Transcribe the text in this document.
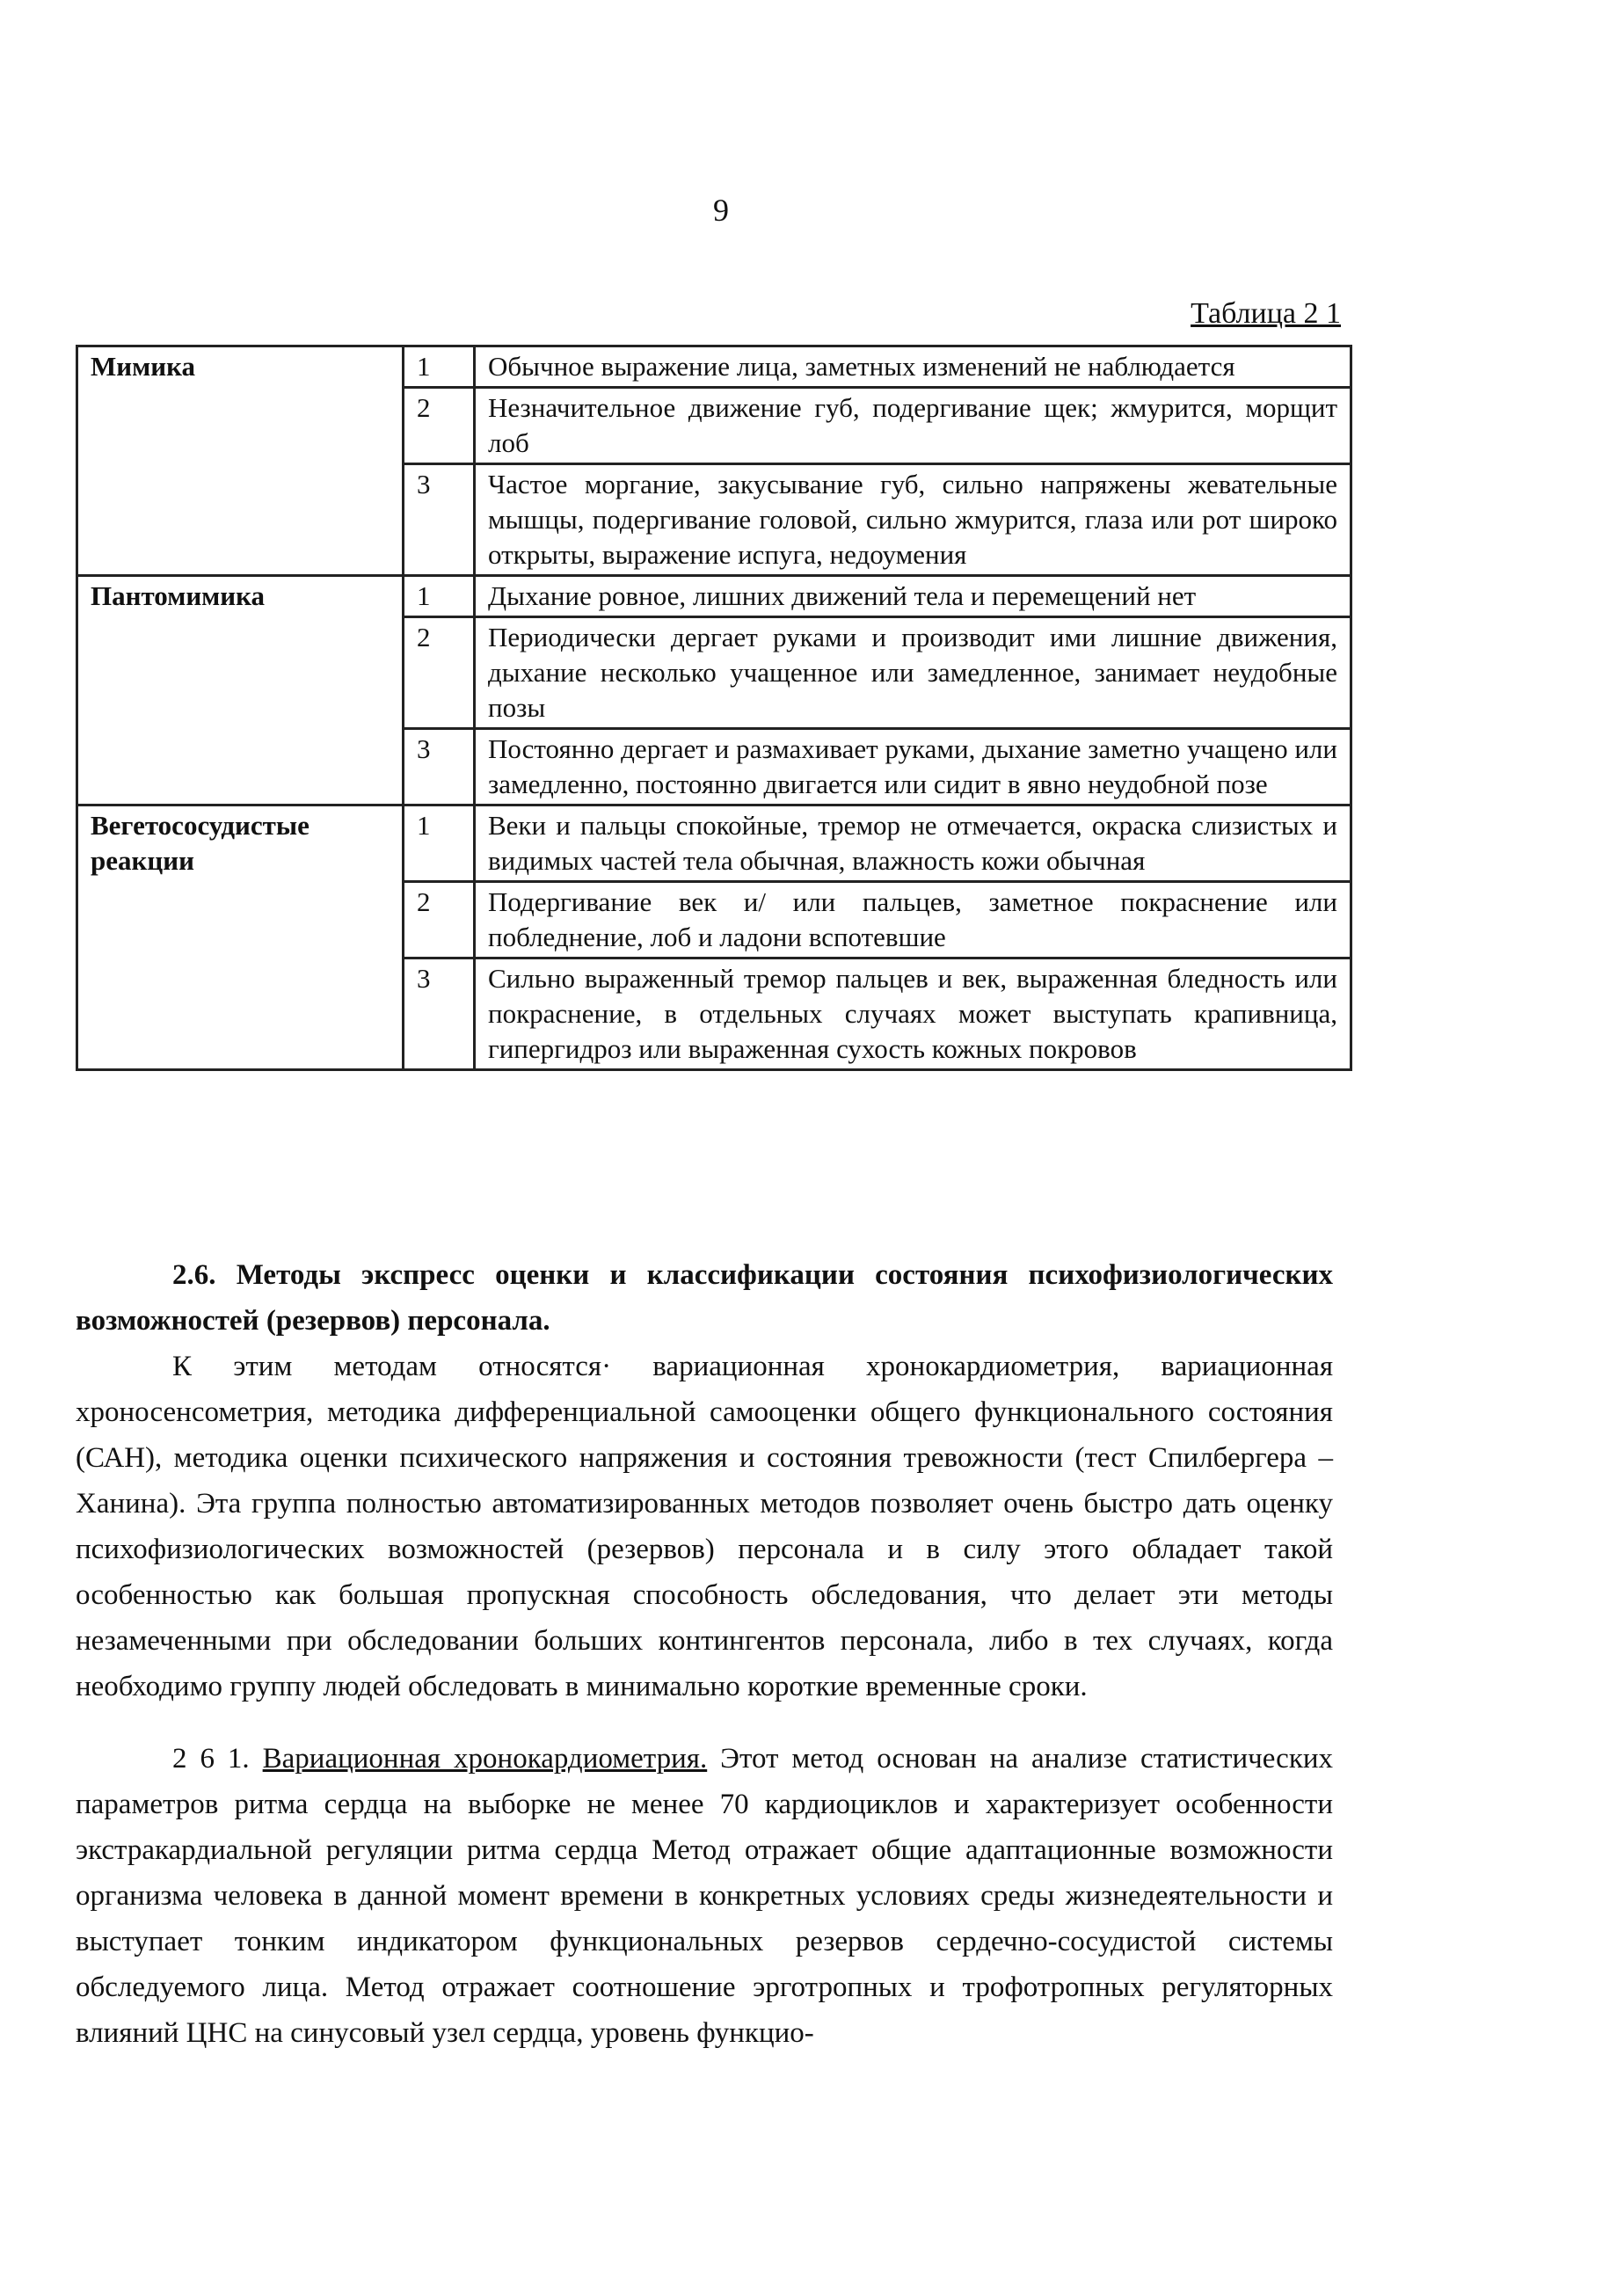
9
Таблица 2 1
Мимика	1	Обычное выражение лица, заметных изменений не наблюдается
	2	Незначительное движение губ, подергивание щек; жмурится, морщит лоб
	3	Частое моргание, закусывание губ, сильно напряжены жевательные мышцы, подергивание головой, сильно жмурится, глаза или рот широко открыты, выражение испуга, недоумения
Пантомимика	1	Дыхание ровное, лишних движений тела и перемещений нет
	2	Периодически дергает руками и производит ими лишние движения, дыхание несколько учащенное или замедленное, занимает неудобные позы
	3	Постоянно дергает и размахивает руками, дыхание заметно учащено или замедленно, постоянно двигается или сидит в явно неудобной позе
Вегетососудистые реакции	1	Веки и пальцы спокойные, тремор не отмечается, окраска слизистых и видимых частей тела обычная, влажность кожи обычная
	2	Подергивание век и/ или пальцев, заметное покраснение или побледнение, лоб и ладони вспотевшие
	3	Сильно выраженный тремор пальцев и век, выраженная бледность или покраснение, в отдельных случаях может выступать крапивница, гипергидроз или выраженная сухость кожных покровов

2.6. Методы экспресс оценки и классификации состояния психофизиологических возможностей (резервов) персонала.

К этим методам относятся· вариационная хронокардиометрия, вариационная хроносенсометрия, методика дифференциальной самооценки общего функционального состояния (САН), методика оценки психического напряжения и состояния тревожности (тест Спилбергера – Ханина). Эта группа полностью автоматизированных методов позволяет очень быстро дать оценку психофизиологических возможностей (резервов) персонала и в силу этого обладает такой особенностью как большая пропускная способность обследования, что делает эти методы незамеченными при обследовании больших контингентов персонала, либо в тех случаях, когда необходимо группу людей обследовать в минимально короткие временные сроки.

2 6 1. Вариационная хронокардиометрия. Этот метод основан на анализе статистических параметров ритма сердца на выборке не менее 70 кардиоциклов и характеризует особенности экстракардиальной регуляции ритма сердца Метод отражает общие адаптационные возможности организма человека в данной момент времени в конкретных условиях среды жизнедеятельности и выступает тонким индикатором функциональных резервов сердечно-сосудистой системы обследуемого лица. Метод отражает соотношение эрготропных и трофотропных регуляторных влияний ЦНС на синусовый узел сердца, уровень функцио-
